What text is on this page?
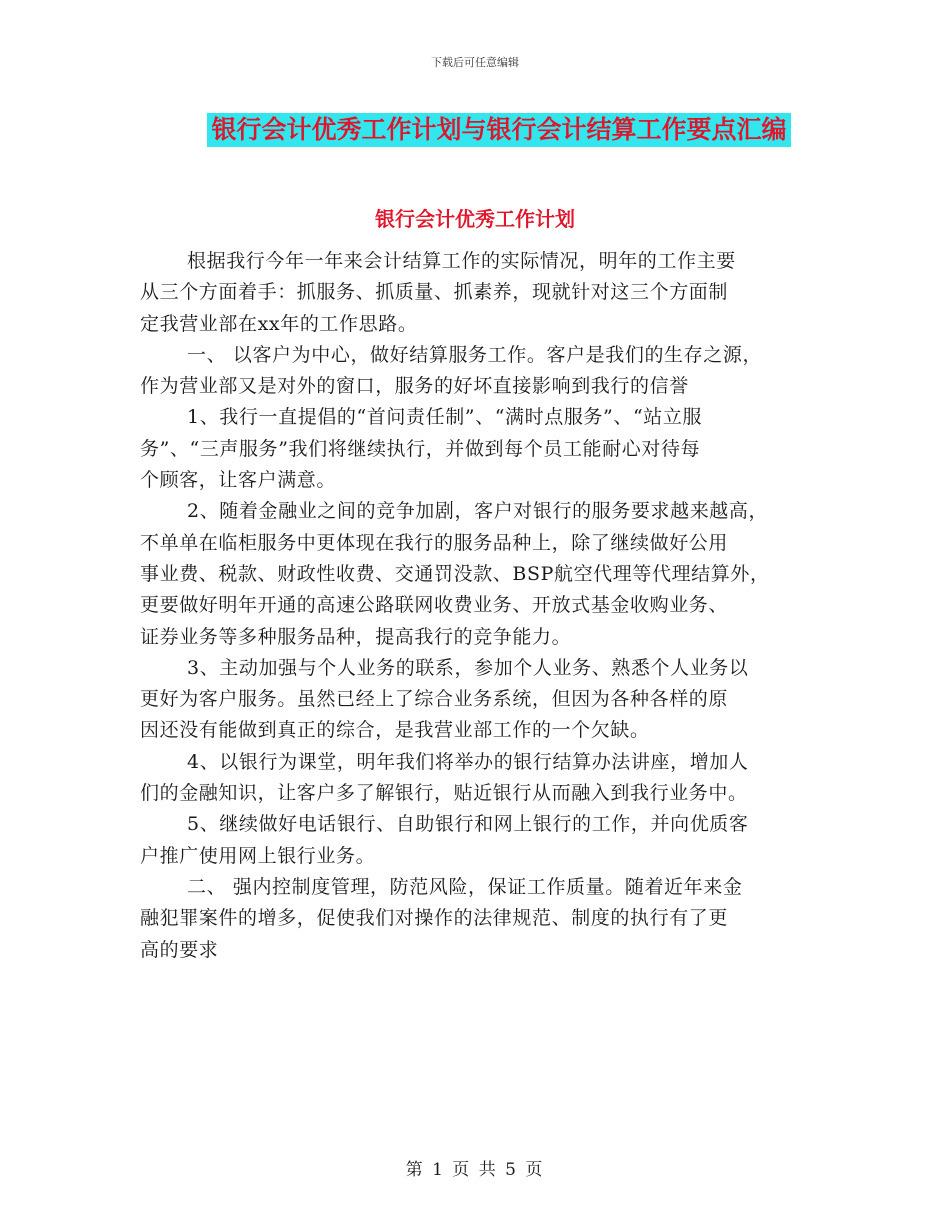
下载后可任意编辑
银行会计优秀工作计划与银行会计结算工作要点汇编
银行会计优秀工作计划
根据我行今年一年来会计结算工作的实际情况，明年的工作主要
从三个方面着手：抓服务、抓质量、抓素养，现就针对这三个方面制
定我营业部在xx年的工作思路。
一、 以客户为中心，做好结算服务工作。客户是我们的生存之源，
作为营业部又是对外的窗口，服务的好坏直接影响到我行的信誉
1、我行一直提倡的“首问责任制”、“满时点服务”、“站立服
务”、“三声服务”我们将继续执行，并做到每个员工能耐心对待每
个顾客，让客户满意。
2、随着金融业之间的竞争加剧，客户对银行的服务要求越来越高，
不单单在临柜服务中更体现在我行的服务品种上，除了继续做好公用
事业费、税款、财政性收费、交通罚没款、BSP航空代理等代理结算外，
更要做好明年开通的高速公路联网收费业务、开放式基金收购业务、
证券业务等多种服务品种，提高我行的竞争能力。
3、主动加强与个人业务的联系，参加个人业务、熟悉个人业务以
更好为客户服务。虽然已经上了综合业务系统，但因为各种各样的原
因还没有能做到真正的综合，是我营业部工作的一个欠缺。
4、以银行为课堂，明年我们将举办的银行结算办法讲座，增加人
们的金融知识，让客户多了解银行，贴近银行从而融入到我行业务中。
5、继续做好电话银行、自助银行和网上银行的工作，并向优质客
户推广使用网上银行业务。
二、 强内控制度管理，防范风险，保证工作质量。随着近年来金
融犯罪案件的增多，促使我们对操作的法律规范、制度的执行有了更
高的要求
第 1 页 共 5 页
